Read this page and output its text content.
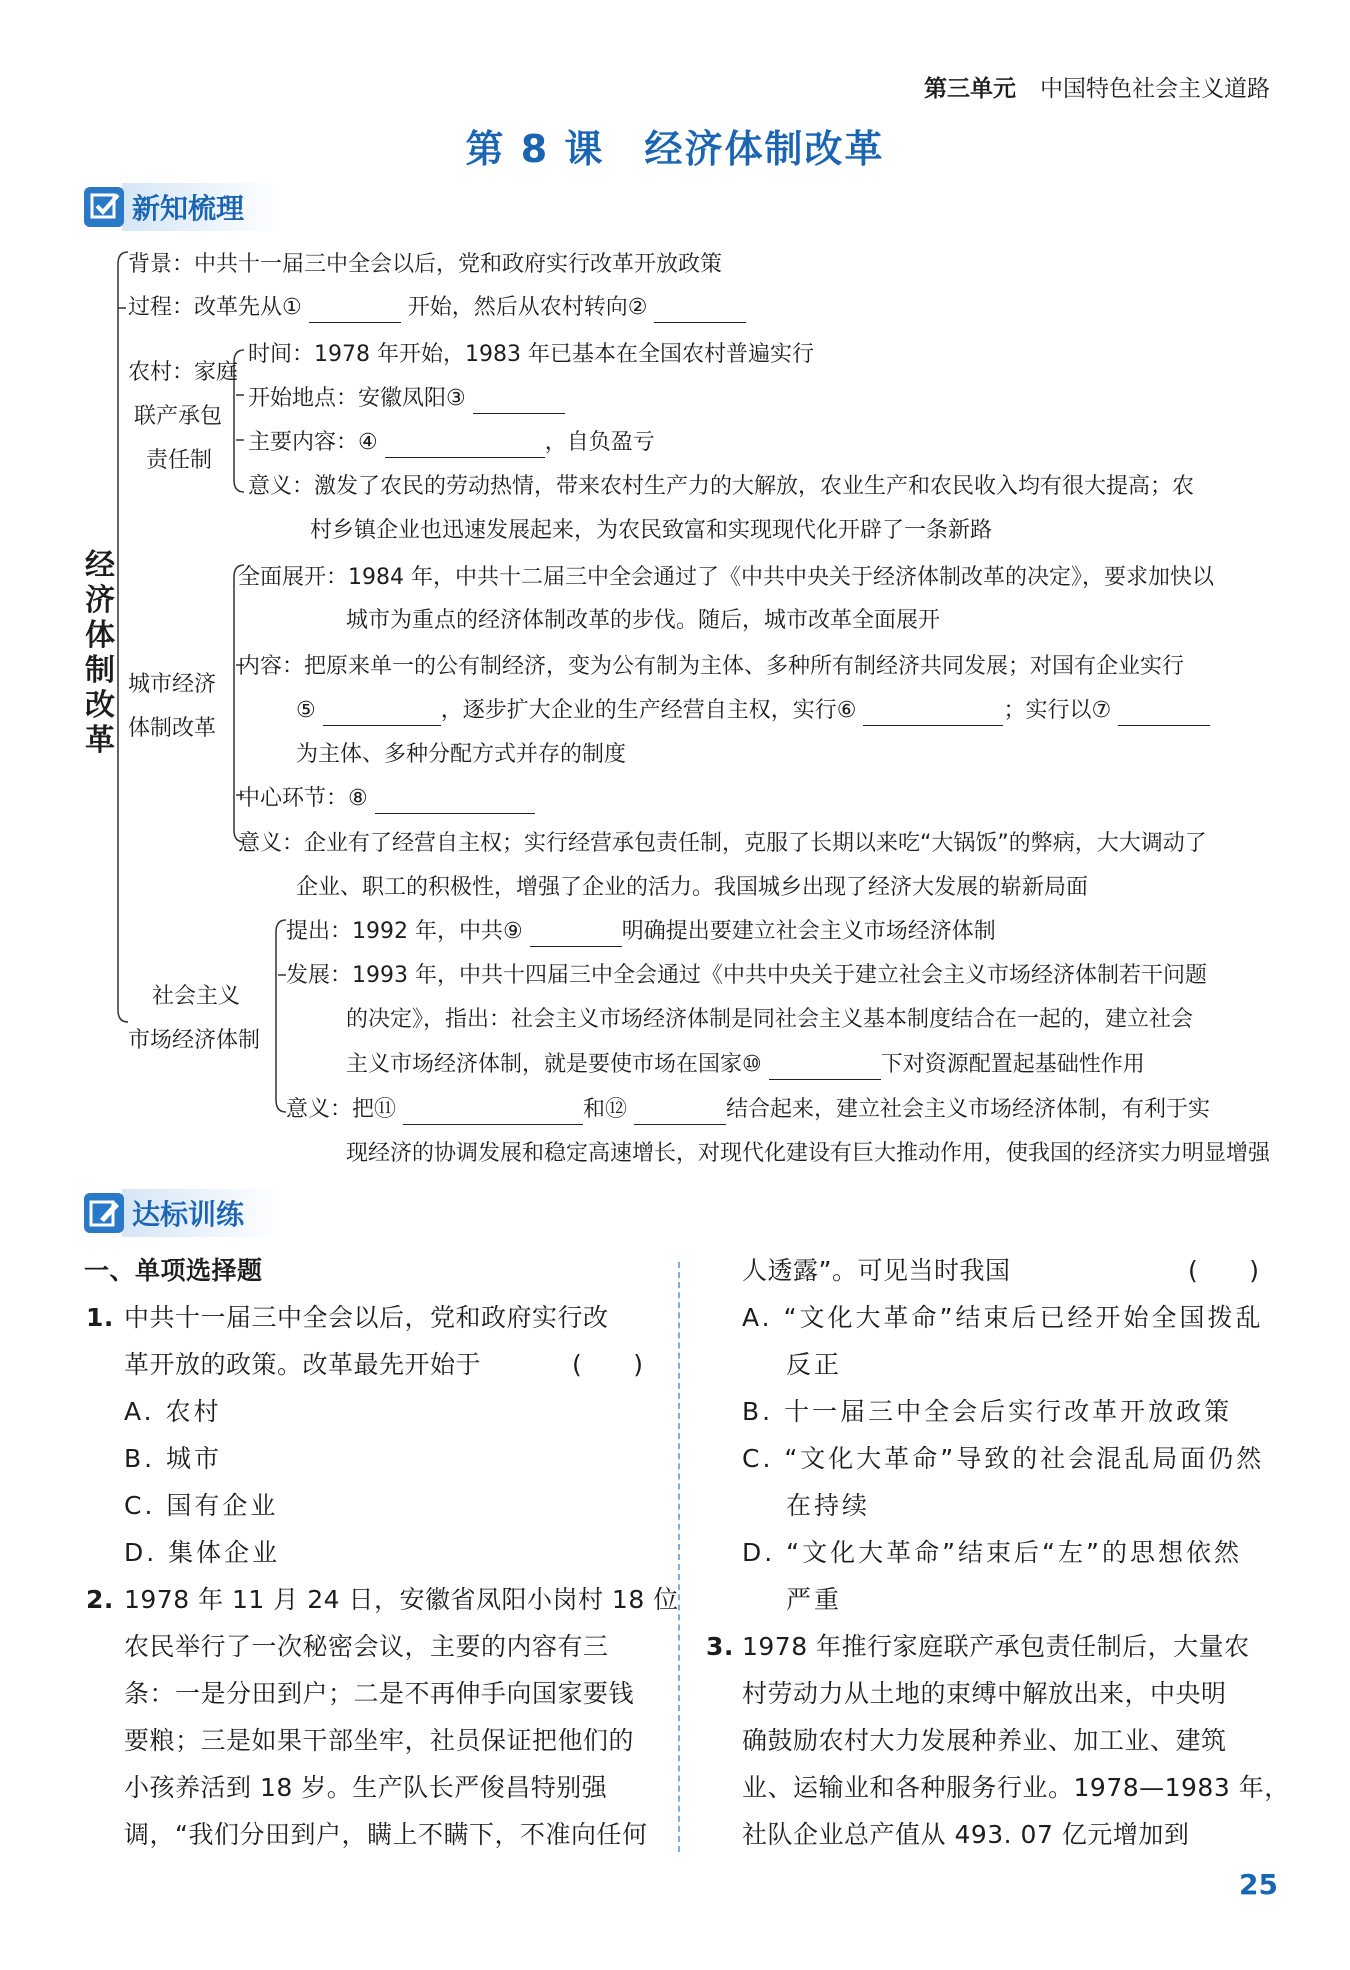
第三单元 中国特色社会主义道路
第 8 课 经济体制改革
新知梳理
经济体制改革
背景：中共十一届三中全会以后，党和政府实行改革开放政策
过程：改革先从①	开始，然后从农村转向②
农村：家庭
联产承包
责任制
时间：1978 年开始，1983 年已基本在全国农村普遍实行
开始地点：安徽凤阳③
主要内容：④	，自负盈亏
意义：激发了农民的劳动热情，带来农村生产力的大解放，农业生产和农民收入均有很大提高；农
村乡镇企业也迅速发展起来，为农民致富和实现现代化开辟了一条新路
城市经济
体制改革
全面展开：1984 年，中共十二届三中全会通过了《中共中央关于经济体制改革的决定》，要求加快以
城市为重点的经济体制改革的步伐。随后，城市改革全面展开
内容：把原来单一的公有制经济，变为公有制为主体、多种所有制经济共同发展；对国有企业实行
⑤	，逐步扩大企业的生产经营自主权，实行⑥	；实行以⑦
为主体、多种分配方式并存的制度
中心环节：⑧
意义：企业有了经营自主权；实行经营承包责任制，克服了长期以来吃“大锅饭”的弊病，大大调动了
企业、职工的积极性，增强了企业的活力。我国城乡出现了经济大发展的崭新局面
社会主义
市场经济体制
提出：1992 年，中共⑨	明确提出要建立社会主义市场经济体制
发展：1993 年，中共十四届三中全会通过《中共中央关于建立社会主义市场经济体制若干问题
的决定》，指出：社会主义市场经济体制是同社会主义基本制度结合在一起的，建立社会
主义市场经济体制，就是要使市场在国家⑩	下对资源配置起基础性作用
意义：把⑪	和⑫	结合起来，建立社会主义市场经济体制，有利于实
现经济的协调发展和稳定高速增长，对现代化建设有巨大推动作用，使我国的经济实力明显增强
达标训练
一、单项选择题
1. 中共十一届三中全会以后，党和政府实行改
革开放的政策。改革最先开始于	(　　)
A. 农村
B. 城市
C. 国有企业
D. 集体企业
2. 1978 年 11 月 24 日，安徽省凤阳小岗村 18 位
农民举行了一次秘密会议，主要的内容有三
条：一是分田到户；二是不再伸手向国家要钱
要粮；三是如果干部坐牢，社员保证把他们的
小孩养活到 18 岁。生产队长严俊昌特别强
调，“我们分田到户，瞒上不瞒下，不准向任何
人透露”。可见当时我国	(　　)
A. “文化大革命”结束后已经开始全国拨乱
反正
B. 十一届三中全会后实行改革开放政策
C. “文化大革命”导致的社会混乱局面仍然
在持续
D. “文化大革命”结束后“左”的思想依然
严重
3. 1978 年推行家庭联产承包责任制后，大量农
村劳动力从土地的束缚中解放出来，中央明
确鼓励农村大力发展种养业、加工业、建筑
业、运输业和各种服务行业。1978—1983 年，
社队企业总产值从 493. 07 亿元增加到
25
